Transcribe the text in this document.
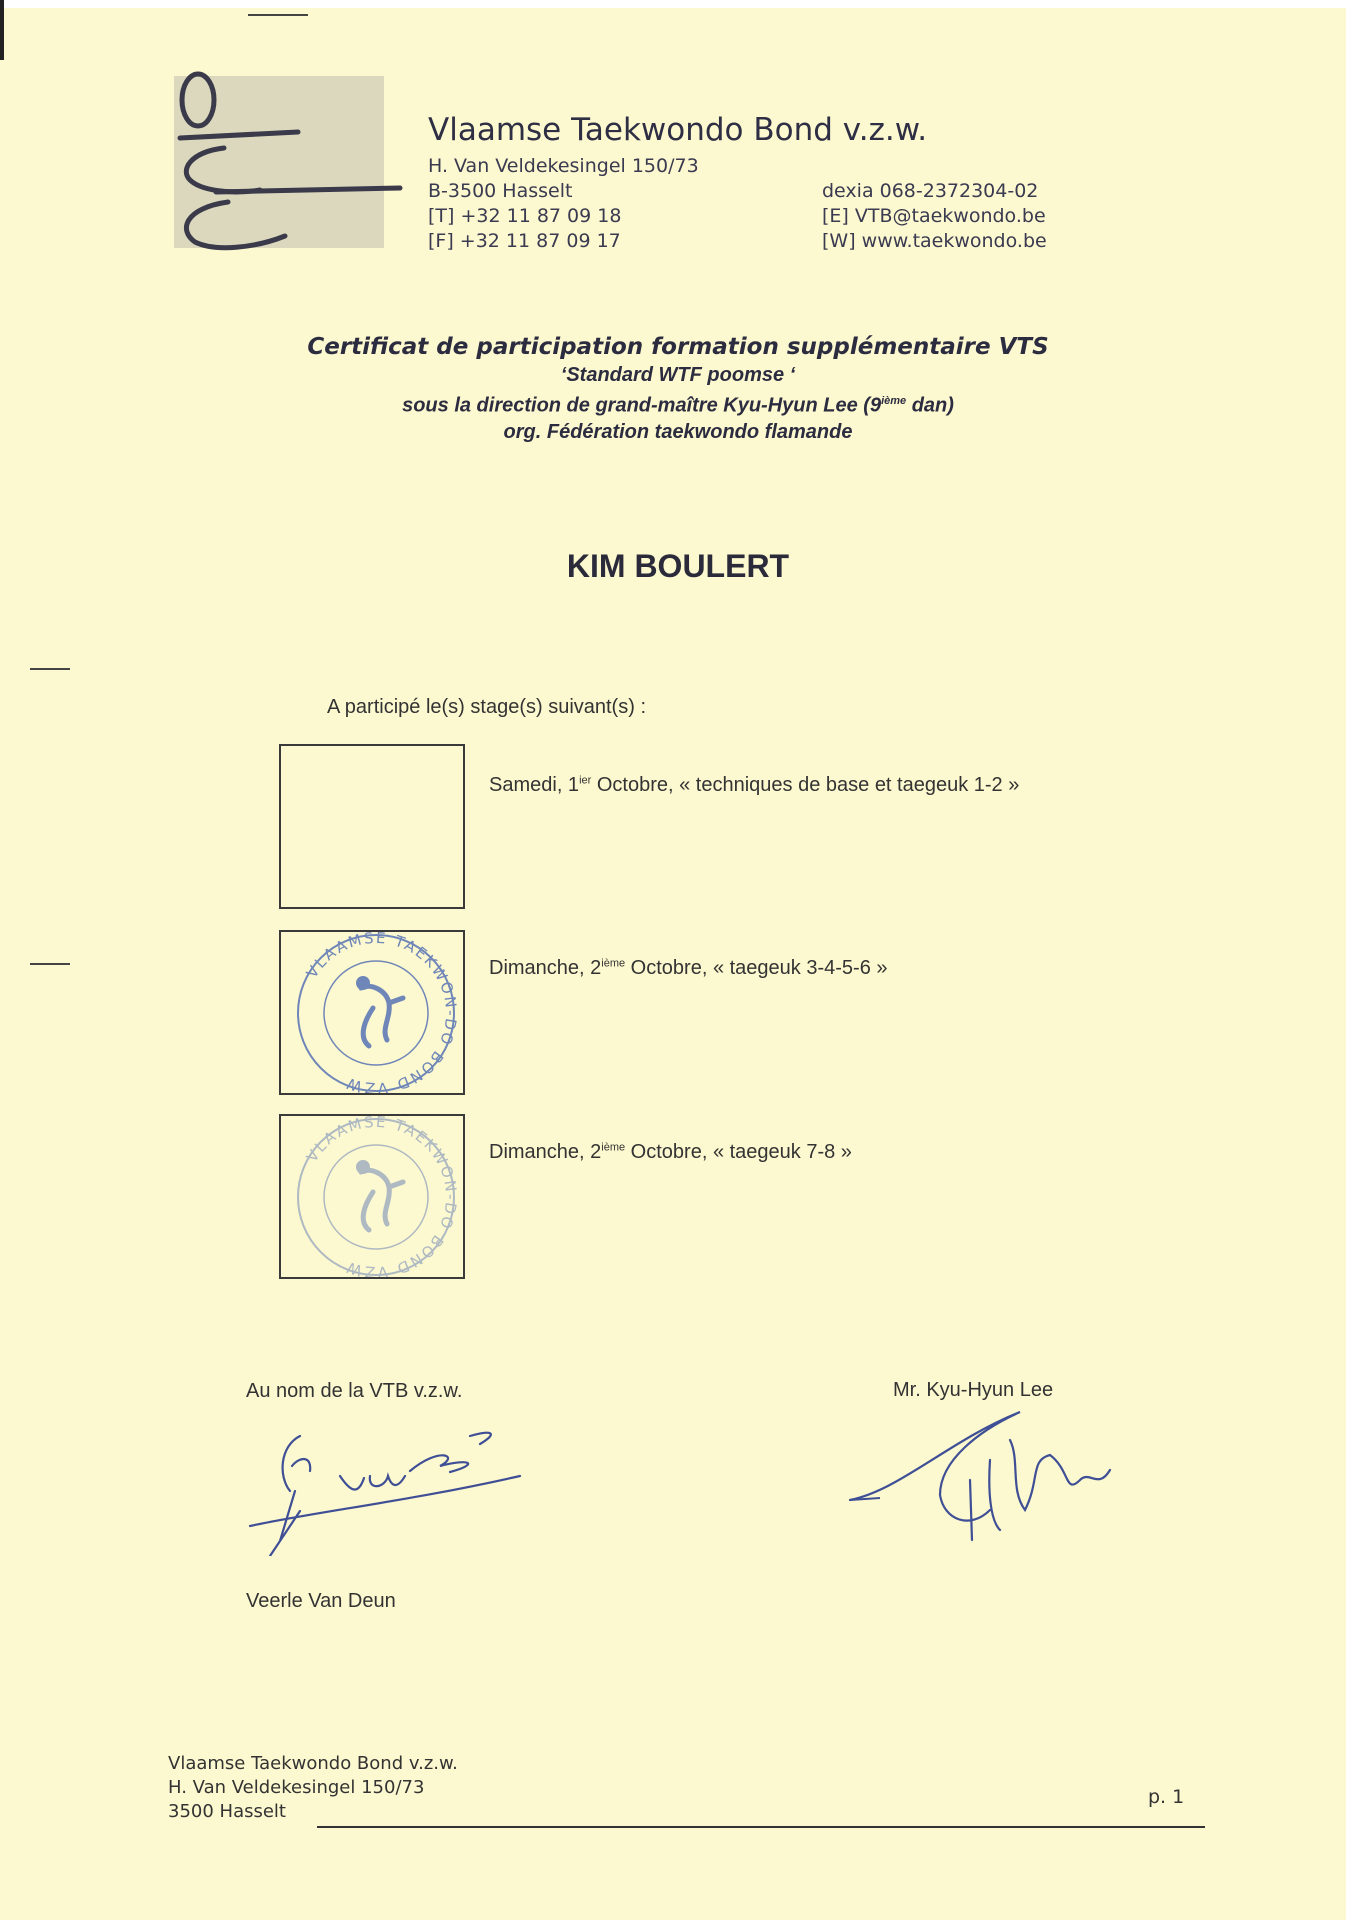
Vlaamse Taekwondo Bond v.z.w.
H. Van Veldekesingel 150/73
B-3500 Hasselt
[T] +32 11 87 09 18
[F] +32 11 87 09 17
dexia 068-2372304-02
[E] VTB@taekwondo.be
[W] www.taekwondo.be
Certificat de participation formation supplémentaire VTS
‘Standard WTF poomse ‘
sous la direction de grand-maître Kyu-Hyun Lee (9ième dan)
org. Fédération taekwondo flamande
KIM BOULERT
A participé le(s) stage(s) suivant(s) :
Samedi, $1^{ier}$ Octobre, « techniques de base et taegeuk 1-2 »
VLAAMSE TAEKWON-DO BOND VZW
Dimanche, 2ième Octobre, « taegeuk 3-4-5-6 »
VLAAMSE TAEKWON-DO BOND VZW
Dimanche, 2ième Octobre, « taegeuk 7-8 »
Au nom de la VTB v.z.w.
Veerle Van Deun
Mr. Kyu-Hyun Lee
Vlaamse Taekwondo Bond v.z.w.
H. Van Veldekesingel 150/73
3500 Hasselt
p. 1
